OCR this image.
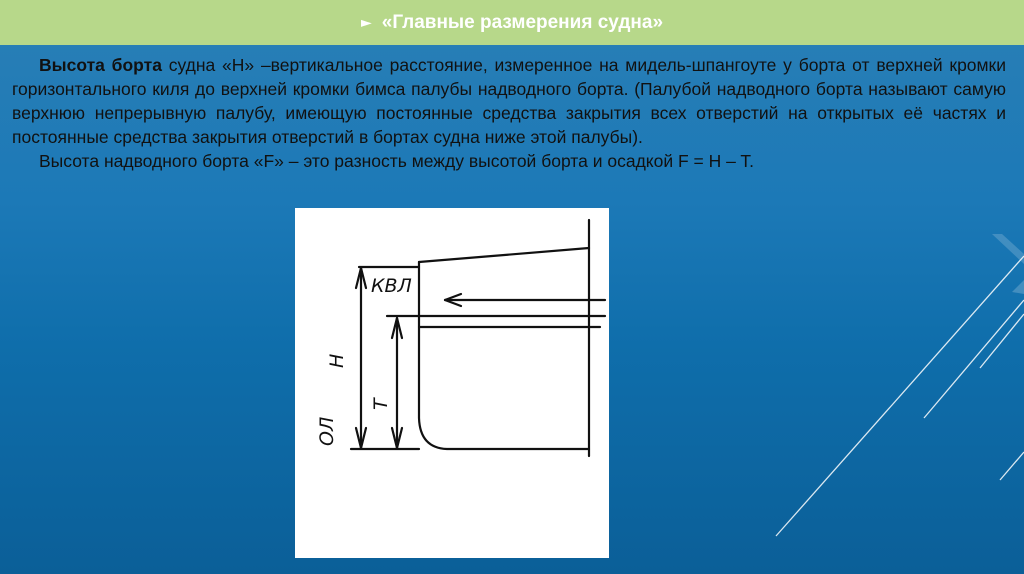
► «Главные размерения судна»

Высота борта судна «Н» –вертикальное расстояние, измеренное на мидель-шпангоуте у борта от верхней кромки горизонтального киля до верхней кромки бимса палубы надводного борта. (Палубой надводного борта называют самую верхнюю непрерывную палубу, имеющую постоянные средства закрытия всех отверстий на открытых её частях и постоянные средства закрытия отверстий в бортах судна ниже этой палубы).

Высота надводного борта «F» – это разность между высотой борта и осадкой F = H – T.

КВЛ
Н
Т
ОЛ
